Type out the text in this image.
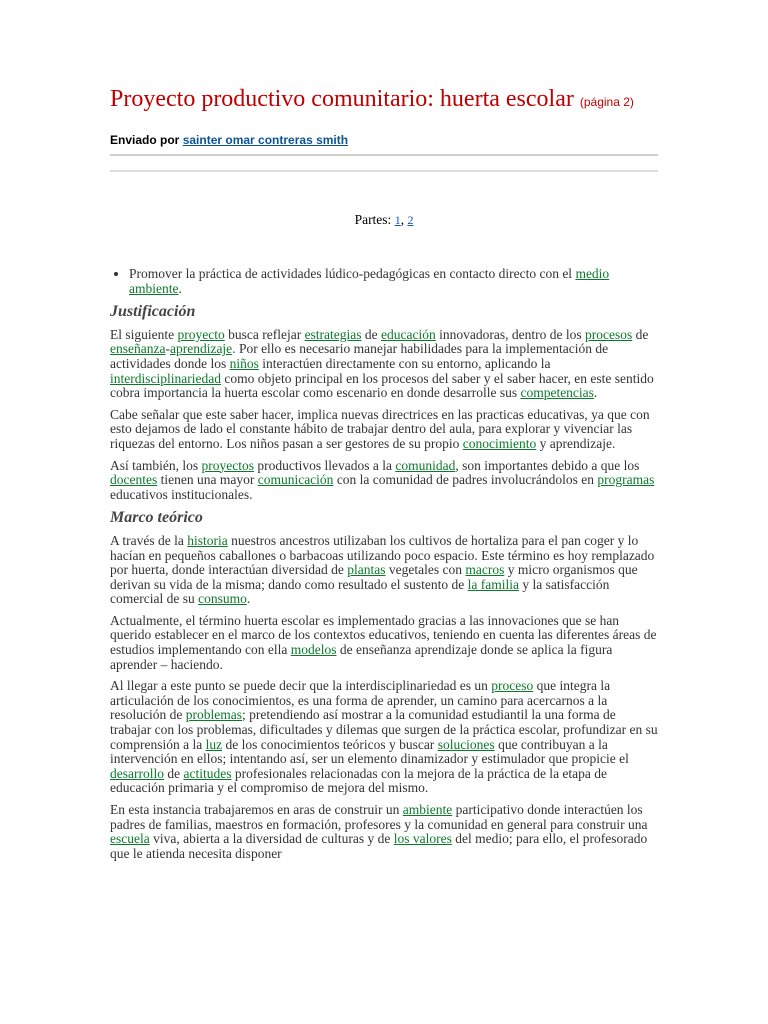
Proyecto productivo comunitario: huerta escolar (página 2)
Enviado por sainter omar contreras smith
Partes: 1, 2
• Promover la práctica de actividades lúdico-pedagógicas en contacto directo con el medio ambiente.
Justificación

El siguiente proyecto busca reflejar estrategias de educación innovadoras, dentro de los procesos de enseñanza-aprendizaje. Por ello es necesario manejar habilidades para la implementación de actividades donde los niños interactúen directamente con su entorno, aplicando la interdisciplinariedad como objeto principal en los procesos del saber y el saber hacer, en este sentido cobra importancia la huerta escolar como escenario en donde desarrolle sus competencias.

Cabe señalar que este saber hacer, implica nuevas directrices en las practicas educativas, ya que con esto dejamos de lado el constante hábito de trabajar dentro del aula, para explorar y vivenciar las riquezas del entorno. Los niños pasan a ser gestores de su propio conocimiento y aprendizaje.

Así también, los proyectos productivos llevados a la comunidad, son importantes debido a que los docentes tienen una mayor comunicación con la comunidad de padres involucrándolos en programas educativos institucionales.

Marco teórico

A través de la historia nuestros ancestros utilizaban los cultivos de hortaliza para el pan coger y lo hacían en pequeños caballones o barbacoas utilizando poco espacio. Este término es hoy remplazado por huerta, donde interactúan diversidad de plantas vegetales con macros y micro organismos que derivan su vida de la misma; dando como resultado el sustento de la familia y la satisfacción comercial de su consumo.

Actualmente, el término huerta escolar es implementado gracias a las innovaciones que se han querido establecer en el marco de los contextos educativos, teniendo en cuenta las diferentes áreas de estudios implementando con ella modelos de enseñanza aprendizaje donde se aplica la figura aprender – haciendo.

Al llegar a este punto se puede decir que la interdisciplinariedad es un proceso que integra la articulación de los conocimientos, es una forma de aprender, un camino para acercarnos a la resolución de problemas; pretendiendo así mostrar a la comunidad estudiantil la una forma de trabajar con los problemas, dificultades y dilemas que surgen de la práctica escolar, profundizar en su comprensión a la luz de los conocimientos teóricos y buscar soluciones que contribuyan a la intervención en ellos; intentando así, ser un elemento dinamizador y estimulador que propicie el desarrollo de actitudes profesionales relacionadas con la mejora de la práctica de la etapa de educación primaria y el compromiso de mejora del mismo.

En esta instancia trabajaremos en aras de construir un ambiente participativo donde interactúen los padres de familias, maestros en formación, profesores y la comunidad en general para construir una escuela viva, abierta a la diversidad de culturas y de los valores del medio; para ello, el profesorado que le atienda necesita disponer
